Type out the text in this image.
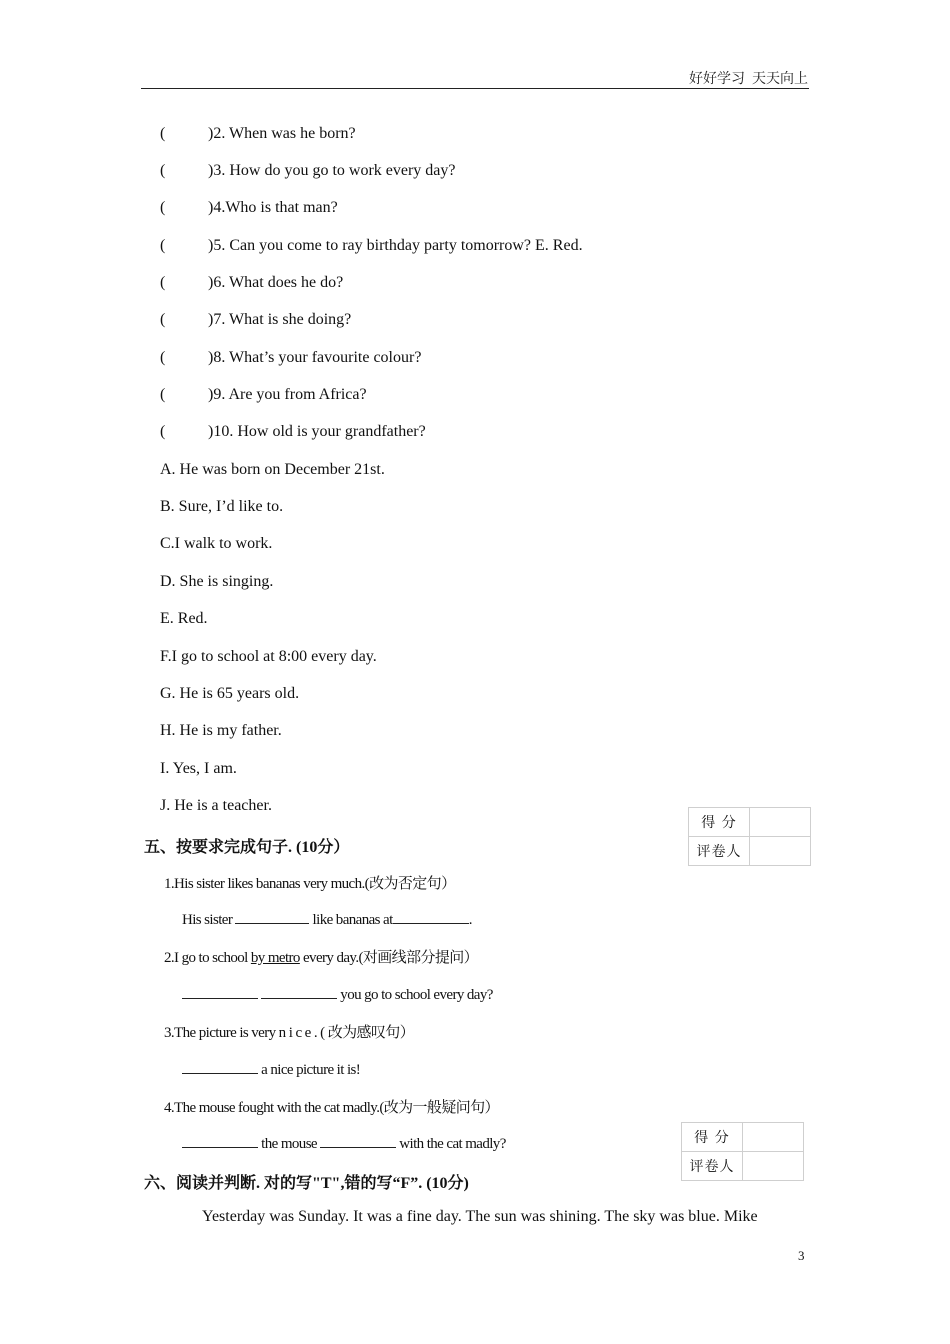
好好学习  天天向上
(	)2. When was he born?
(	)3. How do you go to work every day?
(	)4.Who is that man?
(	)5. Can you come to ray birthday party tomorrow? E. Red.
(	)6. What does he do?
(	)7. What is she doing?
(	)8. What’s your favourite colour?
(	)9. Are you from Africa?
(	)10. How old is your grandfather?
A. He was born on December 21st.
B. Sure, I’d like to.
C.I walk to work.
D. She is singing.
E. Red.
F.I go to school at 8:00 every day.
G. He is 65 years old.
H. He is my father.
I. Yes, I am.
J. He is a teacher.
得 分	
评卷人	
五、按要求完成句子. (10分）
1.His sister likes bananas very much.(改为否定句）
His sister	like bananas at	.
2.I go to school by metro every day.(对画线部分提问）
you go to school every day?
3.The picture is very n i c e . ( 改为感叹句）
a nice picture it is!
4.The mouse fought with the cat madly.(改为一般疑问句）
the mouse	with the cat madly?	得 分	
评卷人	
六、阅读并判断. 对的写"T",错的写“F”. (10分)
Yesterday was Sunday. It was a fine day. The sun was shining. The sky was blue. Mike
3
